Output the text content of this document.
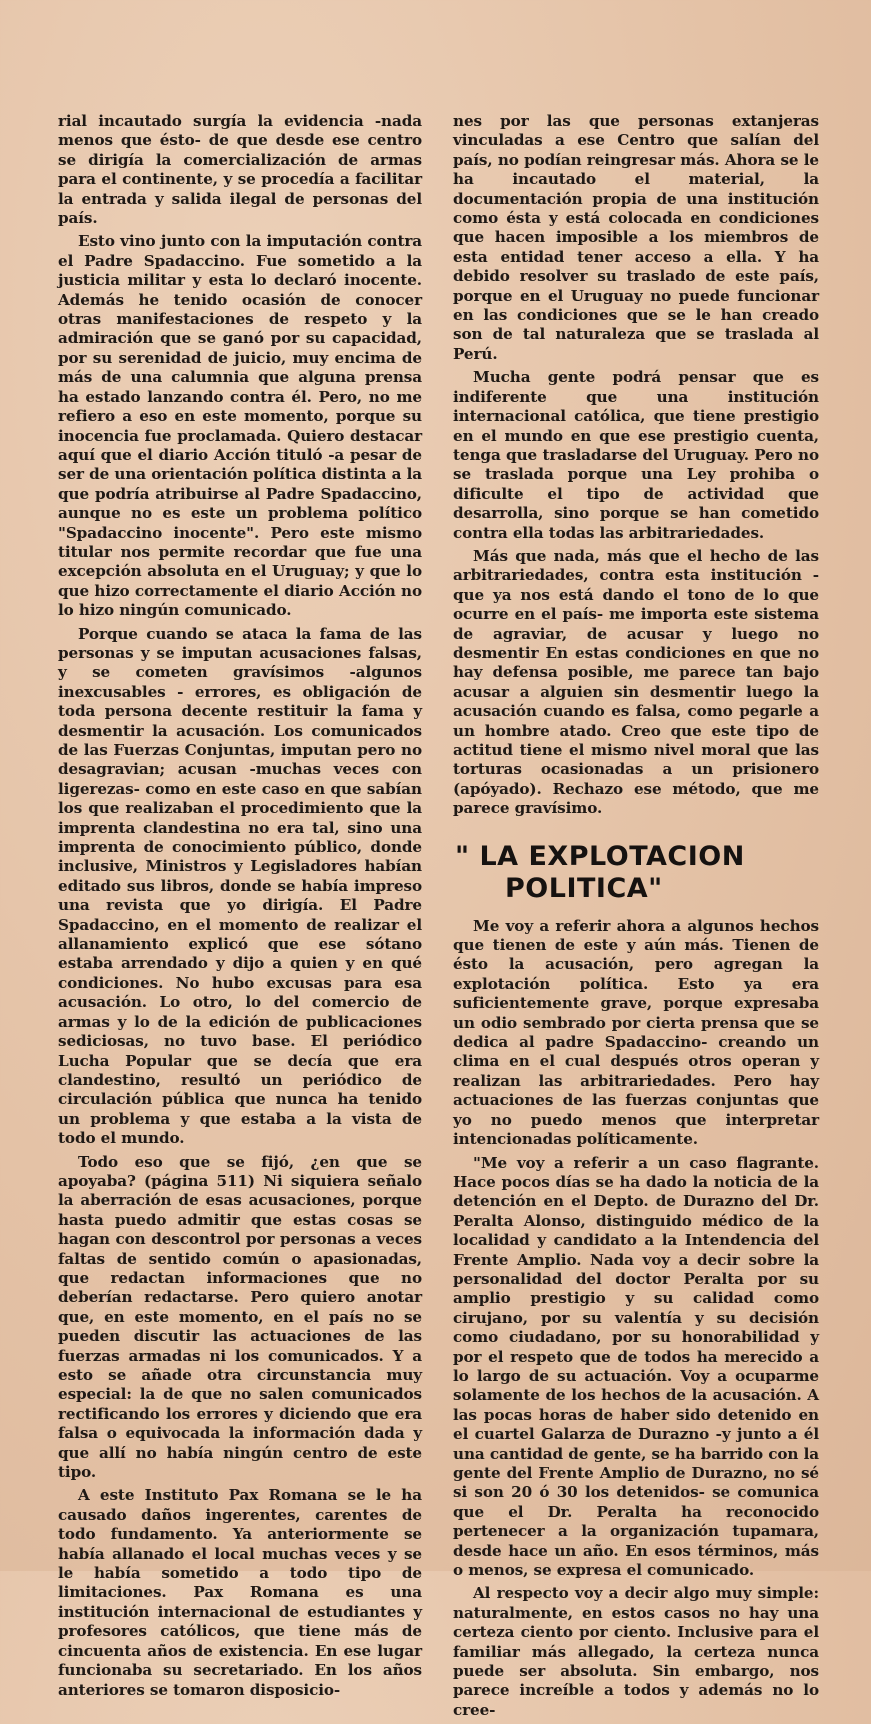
rial incautado surgía la evidencia -nada menos que ésto- de que desde ese centro se dirigía la comercialización de armas para el continente, y se procedía a facilitar la entrada y salida ilegal de personas del país.

Esto vino junto con la imputación contra el Padre Spadaccino. Fue sometido a la justicia militar y esta lo declaró inocente. Además he tenido ocasión de conocer otras manifestaciones de respeto y la admiración que se ganó por su capacidad, por su serenidad de juicio, muy encima de más de una calumnia que alguna prensa ha estado lanzando contra él. Pero, no me refiero a eso en este momento, porque su inocencia fue proclamada. Quiero destacar aquí que el diario Acción tituló -a pesar de ser de una orientación política distinta a la que podría atribuirse al Padre Spadaccino, aunque no es este un problema político "Spadaccino inocente". Pero este mismo titular nos permite recordar que fue una excepción absoluta en el Uruguay; y que lo que hizo correctamente el diario Acción no lo hizo ningún comunicado.

Porque cuando se ataca la fama de las personas y se imputan acusaciones falsas, y se cometen gravísimos -algunos inexcusables - errores, es obligación de toda persona decente restituir la fama y desmentir la acusación. Los comunicados de las Fuerzas Conjuntas, imputan pero no desagravian; acusan -muchas veces con ligerezas- como en este caso en que sabían los que realizaban el procedimiento que la imprenta clandestina no era tal, sino una imprenta de conocimiento público, donde inclusive, Ministros y Legisladores habían editado sus libros, donde se había impreso una revista que yo dirigía. El Padre Spadaccino, en el momento de realizar el allanamiento explicó que ese sótano estaba arrendado y dijo a quien y en qué condiciones. No hubo excusas para esa acusación. Lo otro, lo del comercio de armas y lo de la edición de publicaciones sediciosas, no tuvo base. El periódico Lucha Popular que se decía que era clandestino, resultó un periódico de circulación pública que nunca ha tenido un problema y que estaba a la vista de todo el mundo.

Todo eso que se fijó, ¿en que se apoyaba? (página 511) Ni siquiera señalo la aberración de esas acusaciones, porque hasta puedo admitir que estas cosas se hagan con descontrol por personas a veces faltas de sentido común o apasionadas, que redactan informaciones que no deberían redactarse. Pero quiero anotar que, en este momento, en el país no se pueden discutir las actuaciones de las fuerzas armadas ni los comunicados. Y a esto se añade otra circunstancia muy especial: la de que no salen comunicados rectificando los errores y diciendo que era falsa o equivocada la información dada y que allí no había ningún centro de este tipo.

A este Instituto Pax Romana se le ha causado daños ingerentes, carentes de todo fundamento. Ya anteriormente se había allanado el local muchas veces y se le había sometido a todo tipo de limitaciones. Pax Romana es una institución internacional de estudiantes y profesores católicos, que tiene más de cincuenta años de existencia. En ese lugar funcionaba su secretariado. En los años anteriores se tomaron disposicio-

nes por las que personas extanjeras vinculadas a ese Centro que salían del país, no podían reingresar más. Ahora se le ha incautado el material, la documentación propia de una institución como ésta y está colocada en condiciones que hacen imposible a los miembros de esta entidad tener acceso a ella. Y ha debido resolver su traslado de este país, porque en el Uruguay no puede funcionar en las condiciones que se le han creado son de tal naturaleza que se traslada al Perú.

Mucha gente podrá pensar que es indiferente que una institución internacional católica, que tiene prestigio en el mundo en que ese prestigio cuenta, tenga que trasladarse del Uruguay. Pero no se traslada porque una Ley prohiba o dificulte el tipo de actividad que desarrolla, sino porque se han cometido contra ella todas las arbitrariedades.

Más que nada, más que el hecho de las arbitrariedades, contra esta institución -que ya nos está dando el tono de lo que ocurre en el país- me importa este sistema de agraviar, de acusar y luego no desmentir En estas condiciones en que no hay defensa posible, me parece tan bajo acusar a alguien sin desmentir luego la acusación cuando es falsa, como pegarle a un hombre atado. Creo que este tipo de actitud tiene el mismo nivel moral que las torturas ocasionadas a un prisionero (apóyado). Rechazo ese método, que me parece gravísimo.

" LA EXPLOTACION
POLITICA"

Me voy a referir ahora a algunos hechos que tienen de este y aún más. Tienen de ésto la acusación, pero agregan la explotación política. Esto ya era suficientemente grave, porque expresaba un odio sembrado por cierta prensa que se dedica al padre Spadaccino- creando un clima en el cual después otros operan y realizan las arbitrariedades. Pero hay actuaciones de las fuerzas conjuntas que yo no puedo menos que interpretar intencionadas políticamente.

"Me voy a referir a un caso flagrante. Hace pocos días se ha dado la noticia de la detención en el Depto. de Durazno del Dr. Peralta Alonso, distinguido médico de la localidad y candidato a la Intendencia del Frente Amplio. Nada voy a decir sobre la personalidad del doctor Peralta por su amplio prestigio y su calidad como cirujano, por su valentía y su decisión como ciudadano, por su honorabilidad y por el respeto que de todos ha merecido a lo largo de su actuación. Voy a ocuparme solamente de los hechos de la acusación. A las pocas horas de haber sido detenido en el cuartel Galarza de Durazno -y junto a él una cantidad de gente, se ha barrido con la gente del Frente Amplio de Durazno, no sé si son 20 ó 30 los detenidos- se comunica que el Dr. Peralta ha reconocido pertenecer a la organización tupamara, desde hace un año. En esos términos, más o menos, se expresa el comunicado.

Al respecto voy a decir algo muy simple: naturalmente, en estos casos no hay una certeza ciento por ciento. Inclusive para el familiar más allegado, la certeza nunca puede ser absoluta. Sin embargo, nos parece increíble a todos y además no lo cree-
